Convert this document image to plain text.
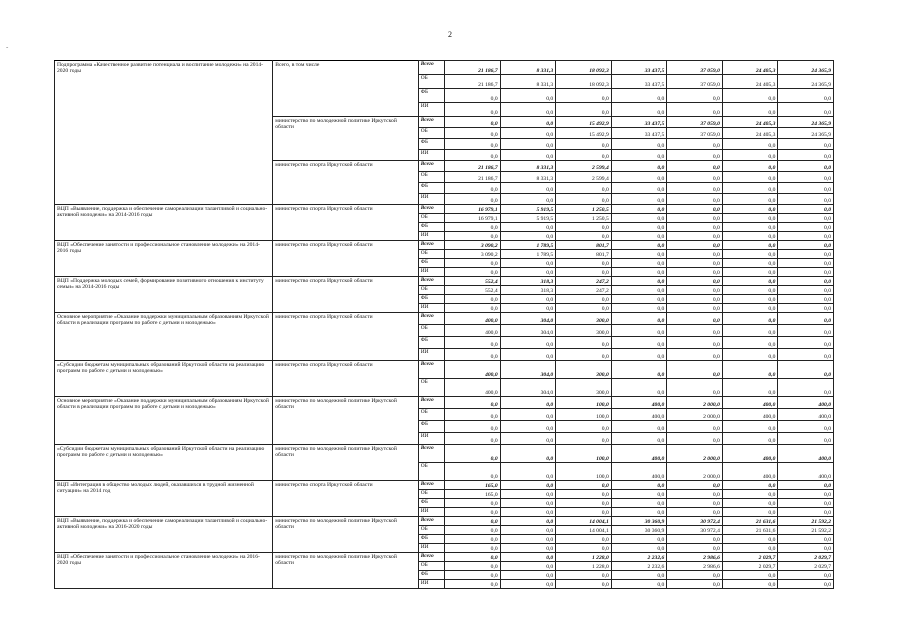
2
-
Подпрограмма «Качественное развитие потенциала и воспитание молодежи» на 2014-2020 годы	Всего, в том числе	Всего	21 186,7	8 331,3	18 092,3	33 437,5	37 059,0	24 405,3	24 365,9
		ОБ	21 186,7	8 331,3	18 092,3	33 437,5	37 059,0	24 405,3	24 365,9
		ФБ	0,0	0,0	0,0	0,0	0,0	0,0	0,0
		ИИ	0,0	0,0	0,0	0,0	0,0	0,0	0,0
	министерство по молодежной политике Иркутской области	Всего	0,0	0,0	15 492,9	33 437,5	37 059,0	24 405,3	24 365,9
		ОБ	0,0	0,0	15 492,9	33 437,5	37 059,0	24 405,3	24 365,9
		ФБ	0,0	0,0	0,0	0,0	0,0	0,0	0,0
		ИИ	0,0	0,0	0,0	0,0	0,0	0,0	0,0
	министерство спорта Иркутской области	Всего	21 186,7	8 331,3	2 599,4	0,0	0,0	0,0	0,0
		ОБ	21 186,7	8 331,3	2 599,4	0,0	0,0	0,0	0,0
		ФБ	0,0	0,0	0,0	0,0	0,0	0,0	0,0
		ИИ	0,0	0,0	0,0	0,0	0,0	0,0	0,0
ВЦП «Выявление, поддержка и обеспечение самореализации талантливой и социально-активной молодежи» на 2014-2016 годы	министерство спорта Иркутской области	Всего	16 979,1	5 919,5	1 250,5	0,0	0,0	0,0	0,0
		ОБ	16 979,1	5 919,5	1 250,5	0,0	0,0	0,0	0,0
		ФБ	0,0	0,0	0,0	0,0	0,0	0,0	0,0
		ИИ	0,0	0,0	0,0	0,0	0,0	0,0	0,0
ВЦП «Обеспечение занятости и профессиональное становление молодежи» на 2014-2016 годы	министерство спорта Иркутской области	Всего	3 090,2	1 789,5	801,7	0,0	0,0	0,0	0,0
		ОБ	3 090,2	1 789,5	801,7	0,0	0,0	0,0	0,0
		ФБ	0,0	0,0	0,0	0,0	0,0	0,0	0,0
		ИИ	0,0	0,0	0,0	0,0	0,0	0,0	0,0
ВЦП «Поддержка молодых семей, формирование позитивного отношения к институту семьи» на 2014-2016 годы	министерство спорта Иркутской области	Всего	552,4	318,3	247,2	0,0	0,0	0,0	0,0
		ОБ	552,4	318,3	247,2	0,0	0,0	0,0	0,0
		ФБ	0,0	0,0	0,0	0,0	0,0	0,0	0,0
		ИИ	0,0	0,0	0,0	0,0	0,0	0,0	0,0
Основное мероприятие «Оказание поддержки муниципальным образованиям Иркутской области в реализации программ по работе с детьми и молодежью»	министерство спорта Иркутской области	Всего	400,0	304,0	300,0	0,0	0,0	0,0	0,0
		ОБ	400,0	304,0	300,0	0,0	0,0	0,0	0,0
		ФБ	0,0	0,0	0,0	0,0	0,0	0,0	0,0
		ИИ	0,0	0,0	0,0	0,0	0,0	0,0	0,0
«Субсидии бюджетам муниципальных образований Иркутской области на реализацию программ по работе с детьми и молодежью»	министерство спорта Иркутской области	Всего	400,0	304,0	300,0	0,0	0,0	0,0	0,0
		ОБ	400,0	304,0	300,0	0,0	0,0	0,0	0,0
Основное мероприятие «Оказание поддержки муниципальным образованиям Иркутской области в реализации программ по работе с детьми и молодежью»	министерство по молодежной политике Иркутской области	Всего	0,0	0,0	100,0	400,0	2 000,0	400,0	400,0
		ОБ	0,0	0,0	100,0	400,0	2 000,0	400,0	400,0
		ФБ	0,0	0,0	0,0	0,0	0,0	0,0	0,0
		ИИ	0,0	0,0	0,0	0,0	0,0	0,0	0,0
«Субсидии бюджетам муниципальных образований Иркутской области на реализацию программ по работе с детьми и молодежью»	министерство по молодежной политике Иркутской области	Всего	0,0	0,0	100,0	400,0	2 000,0	400,0	400,0
		ОБ	0,0	0,0	100,0	400,0	2 000,0	400,0	400,0
ВЦП «Интеграция в общество молодых людей, оказавшихся в трудной жизненной ситуации» на 2014 год	министерство спорта Иркутской области	Всего	165,0	0,0	0,0	0,0	0,0	0,0	0,0
		ОБ	165,0	0,0	0,0	0,0	0,0	0,0	0,0
		ФБ	0,0	0,0	0,0	0,0	0,0	0,0	0,0
		ИИ	0,0	0,0	0,0	0,0	0,0	0,0	0,0
ВЦП «Выявление, поддержка и обеспечение самореализации талантливой и социально-активной молодежи» на 2016-2020 годы	министерство по молодежной политике Иркутской области	Всего	0,0	0,0	14 004,1	30 360,9	30 972,4	21 631,6	21 592,2
		ОБ	0,0	0,0	14 004,1	30 360,9	30 972,4	21 631,6	21 592,2
		ФБ	0,0	0,0	0,0	0,0	0,0	0,0	0,0
		ИИ	0,0	0,0	0,0	0,0	0,0	0,0	0,0
ВЦП «Обеспечение занятости и профессиональное становление молодежи» на 2016-2020 годы	министерство по молодежной политике Иркутской области	Всего	0,0	0,0	1 228,0	2 232,6	2 986,6	2 029,7	2 029,7
		ОБ	0,0	0,0	1 228,0	2 232,6	2 986,6	2 029,7	2 029,7
		ФБ	0,0	0,0	0,0	0,0	0,0	0,0	0,0
		ИИ	0,0	0,0	0,0	0,0	0,0	0,0	0,0
